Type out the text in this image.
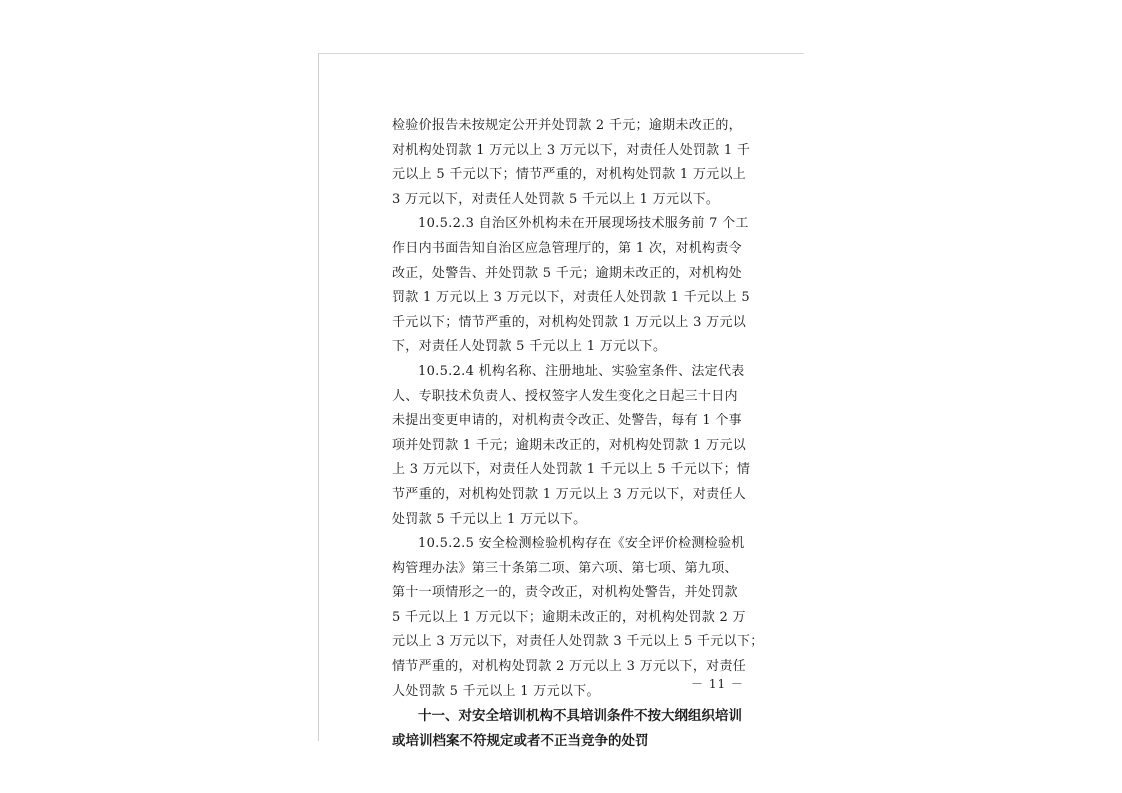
检验价报告未按规定公开并处罚款 2 千元；逾期未改正的，
对机构处罚款 1 万元以上 3 万元以下，对责任人处罚款 1 千
元以上 5 千元以下；情节严重的，对机构处罚款 1 万元以上
3 万元以下，对责任人处罚款 5 千元以上 1 万元以下。
10.5.2.3 自治区外机构未在开展现场技术服务前 7 个工
作日内书面告知自治区应急管理厅的，第 1 次，对机构责令
改正，处警告、并处罚款 5 千元；逾期未改正的，对机构处
罚款 1 万元以上 3 万元以下，对责任人处罚款 1 千元以上 5
千元以下；情节严重的，对机构处罚款 1 万元以上 3 万元以
下，对责任人处罚款 5 千元以上 1 万元以下。
10.5.2.4 机构名称、注册地址、实验室条件、法定代表
人、专职技术负责人、授权签字人发生变化之日起三十日内
未提出变更申请的，对机构责令改正、处警告，每有 1 个事
项并处罚款 1 千元；逾期未改正的，对机构处罚款 1 万元以
上 3 万元以下，对责任人处罚款 1 千元以上 5 千元以下；情
节严重的，对机构处罚款 1 万元以上 3 万元以下，对责任人
处罚款 5 千元以上 1 万元以下。
10.5.2.5 安全检测检验机构存在《安全评价检测检验机
构管理办法》第三十条第二项、第六项、第七项、第九项、
第十一项情形之一的，责令改正，对机构处警告，并处罚款
5 千元以上 1 万元以下；逾期未改正的，对机构处罚款 2 万
元以上 3 万元以下，对责任人处罚款 3 千元以上 5 千元以下；
情节严重的，对机构处罚款 2 万元以上 3 万元以下，对责任
人处罚款 5 千元以上 1 万元以下。
十一、对安全培训机构不具培训条件不按大纲组织培训
或培训档案不符规定或者不正当竞争的处罚
－ 11 －
